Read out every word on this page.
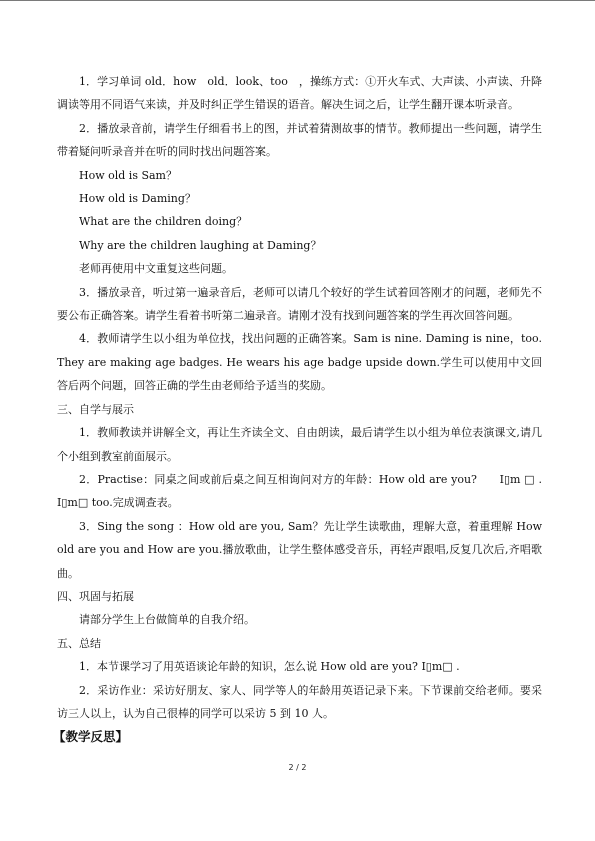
1．学习单词 old．how　old．look、too　，操练方式：①开火车式、大声读、小声读、升降调读等用不同语气来读，并及时纠正学生错误的语音。解决生词之后，让学生翻开课本听录音。

2．播放录音前，请学生仔细看书上的图，并试着猜测故事的情节。教师提出一些问题，请学生带着疑问听录音并在听的同时找出问题答案。

How old is Sam？

How old is Daming？

What are the children doing？

Why are the children laughing at Daming？

老师再使用中文重复这些问题。

3．播放录音，听过第一遍录音后，老师可以请几个较好的学生试着回答刚才的问题，老师先不要公布正确答案。请学生看着书听第二遍录音。请刚才没有找到问题答案的学生再次回答问题。

4．教师请学生以小组为单位找，找出问题的正确答案。Sam is nine. Daming is nine，too. They are making age badges. He wears his age badge upside down.学生可以使用中文回答后两个问题，回答正确的学生由老师给予适当的奖励。

三、自学与展示

1．教师教读并讲解全文，再让生齐读全文、自由朗读，最后请学生以小组为单位表演课文,请几个小组到教室前面展示。

2．Practise：同桌之间或前后桌之间互相询问对方的年龄：How old are you?　　I▯m □ . I▯m□ too.完成调查表。

3．Sing the song ：How old are you, Sam？先让学生读歌曲，理解大意，着重理解 How old are you and How are you.播放歌曲，让学生整体感受音乐，再轻声跟唱,反复几次后,齐唱歌曲。

四、巩固与拓展

请部分学生上台做简单的自我介绍。

五、总结

1．本节课学习了用英语谈论年龄的知识，怎么说 How old are you? I▯m□ .

2．采访作业：采访好朋友、家人、同学等人的年龄用英语记录下来。下节课前交给老师。要采访三人以上，认为自己很棒的同学可以采访 5 到 10 人。

【教学反思】

2 / 2
